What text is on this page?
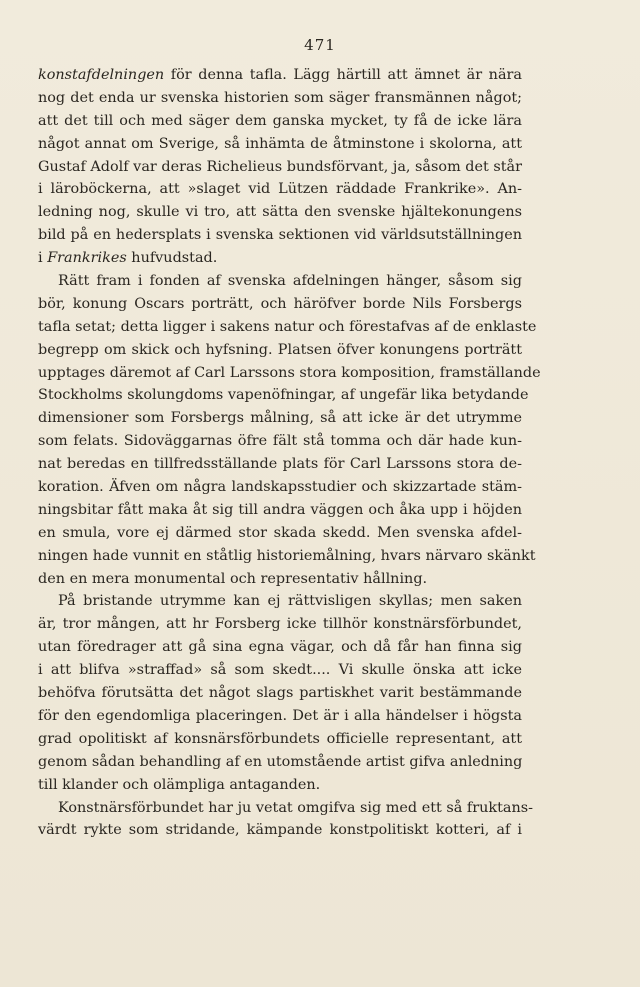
471
konstafdelningen för denna tafla. Lägg härtill att ämnet är nära
nog det enda ur svenska historien som säger fransmännen något;
att det till och med säger dem ganska mycket, ty få de icke lära
något annat om Sverige, så inhämta de åtminstone i skolorna, att
Gustaf Adolf var deras Richelieus bundsförvant, ja, såsom det står
i läroböckerna, att »slaget vid Lützen räddade Frankrike». An-
ledning nog, skulle vi tro, att sätta den svenske hjältekonungens
bild på en hedersplats i svenska sektionen vid världsutställningen
i Frankrikes hufvudstad.
Rätt fram i fonden af svenska afdelningen hänger, såsom sig
bör, konung Oscars porträtt, och häröfver borde Nils Forsbergs
tafla setat; detta ligger i sakens natur och förestafvas af de enklaste
begrepp om skick och hyfsning. Platsen öfver konungens porträtt
upptages däremot af Carl Larssons stora komposition, framställande
Stockholms skolungdoms vapenöfningar, af ungefär lika betydande
dimensioner som Forsbergs målning, så att icke är det utrymme
som felats. Sidoväggarnas öfre fält stå tomma och där hade kun-
nat beredas en tillfredsställande plats för Carl Larssons stora de-
koration. Äfven om några landskapsstudier och skizzartade stäm-
ningsbitar fått maka åt sig till andra väggen och åka upp i höjden
en smula, vore ej därmed stor skada skedd. Men svenska afdel-
ningen hade vunnit en ståtlig historiemålning, hvars närvaro skänkt
den en mera monumental och representativ hållning.
På bristande utrymme kan ej rättvisligen skyllas; men saken
är, tror mången, att hr Forsberg icke tillhör konstnärsförbundet,
utan föredrager att gå sina egna vägar, och då får han finna sig
i att blifva »straffad» så som skedt.... Vi skulle önska att icke
behöfva förutsätta det något slags partiskhet varit bestämmande
för den egendomliga placeringen. Det är i alla händelser i högsta
grad opolitiskt af konsnärsförbundets officielle representant, att
genom sådan behandling af en utomstående artist gifva anledning
till klander och olämpliga antaganden.
Konstnärsförbundet har ju vetat omgifva sig med ett så fruktans-
värdt rykte som stridande, kämpande konstpolitiskt kotteri, af i
